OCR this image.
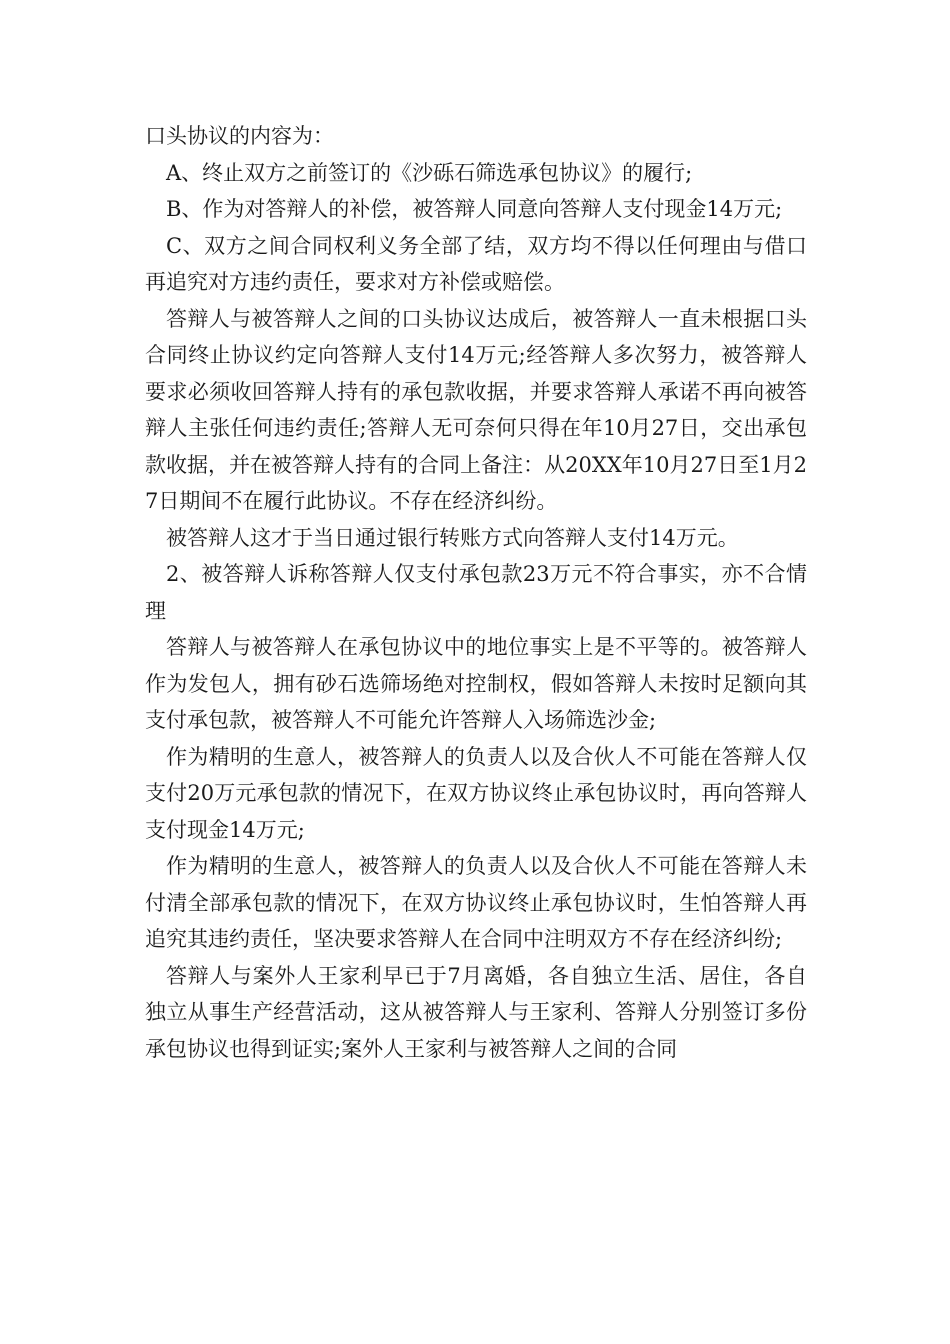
口头协议的内容为：

A、终止双方之前签订的《沙砾石筛选承包协议》的履行;

B、作为对答辩人的补偿，被答辩人同意向答辩人支付现金14万元;

C、双方之间合同权利义务全部了结，双方均不得以任何理由与借口再追究对方违约责任，要求对方补偿或赔偿。

答辩人与被答辩人之间的口头协议达成后，被答辩人一直未根据口头合同终止协议约定向答辩人支付14万元;经答辩人多次努力，被答辩人要求必须收回答辩人持有的承包款收据，并要求答辩人承诺不再向被答辩人主张任何违约责任;答辩人无可奈何只得在年10月27日，交出承包款收据，并在被答辩人持有的合同上备注：从20XX年10月27日至1月27日期间不在履行此协议。不存在经济纠纷。

被答辩人这才于当日通过银行转账方式向答辩人支付14万元。

2、被答辩人诉称答辩人仅支付承包款23万元不符合事实，亦不合情理

答辩人与被答辩人在承包协议中的地位事实上是不平等的。被答辩人作为发包人，拥有砂石选筛场绝对控制权，假如答辩人未按时足额向其支付承包款，被答辩人不可能允许答辩人入场筛选沙金;

作为精明的生意人，被答辩人的负责人以及合伙人不可能在答辩人仅支付20万元承包款的情况下，在双方协议终止承包协议时，再向答辩人支付现金14万元;

作为精明的生意人，被答辩人的负责人以及合伙人不可能在答辩人未付清全部承包款的情况下，在双方协议终止承包协议时，生怕答辩人再追究其违约责任，坚决要求答辩人在合同中注明双方不存在经济纠纷;

答辩人与案外人王家利早已于7月离婚，各自独立生活、居住，各自独立从事生产经营活动，这从被答辩人与王家利、答辩人分别签订多份承包协议也得到证实;案外人王家利与被答辩人之间的合同
